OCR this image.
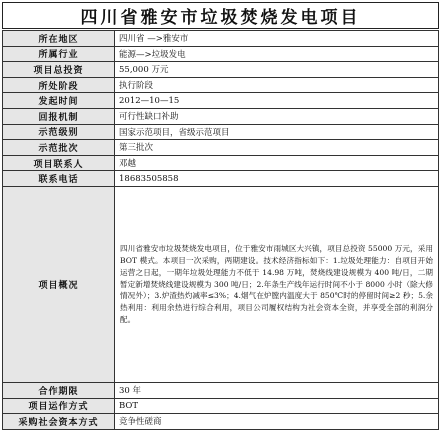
四川省雅安市垃圾焚烧发电项目
所在地区	四川省 —>雅安市
所属行业	能源—>垃圾发电
项目总投资	55,000 万元
所处阶段	执行阶段
发起时间	2012—10—15
回报机制	可行性缺口补助
示范级别	国家示范项目，省级示范项目
示范批次	第三批次
项目联系人	邓越
联系电话	18683505858
项目概况	四川省雅安市垃圾焚烧发电项目，位于雅安市雨城区大兴镇，项目总投资 55000 万元，采用 BOT 模式。本项目一次采购，两期建设。技术经济指标如下：1.垃圾处理能力：自项目开始运营之日起，一期年垃圾处理能力不低于 14.98 万吨，焚烧线建设规模为 400 吨/日，二期暂定新增焚烧线建设规模为 300 吨/日；2.年条生产线年运行时间不小于 8000 小时（除大修情况外）；3.炉渣热灼减率≤3%；4.烟气在炉膛内温度大于 850℃时的停留时间≥2 秒；5.余热利用：利用余热进行综合利用，项目公司履权结构为社会资本全资，并享受全部的利润分配。
合作期限	30 年
项目运作方式	BOT
采购社会资本方式	竞争性磋商
